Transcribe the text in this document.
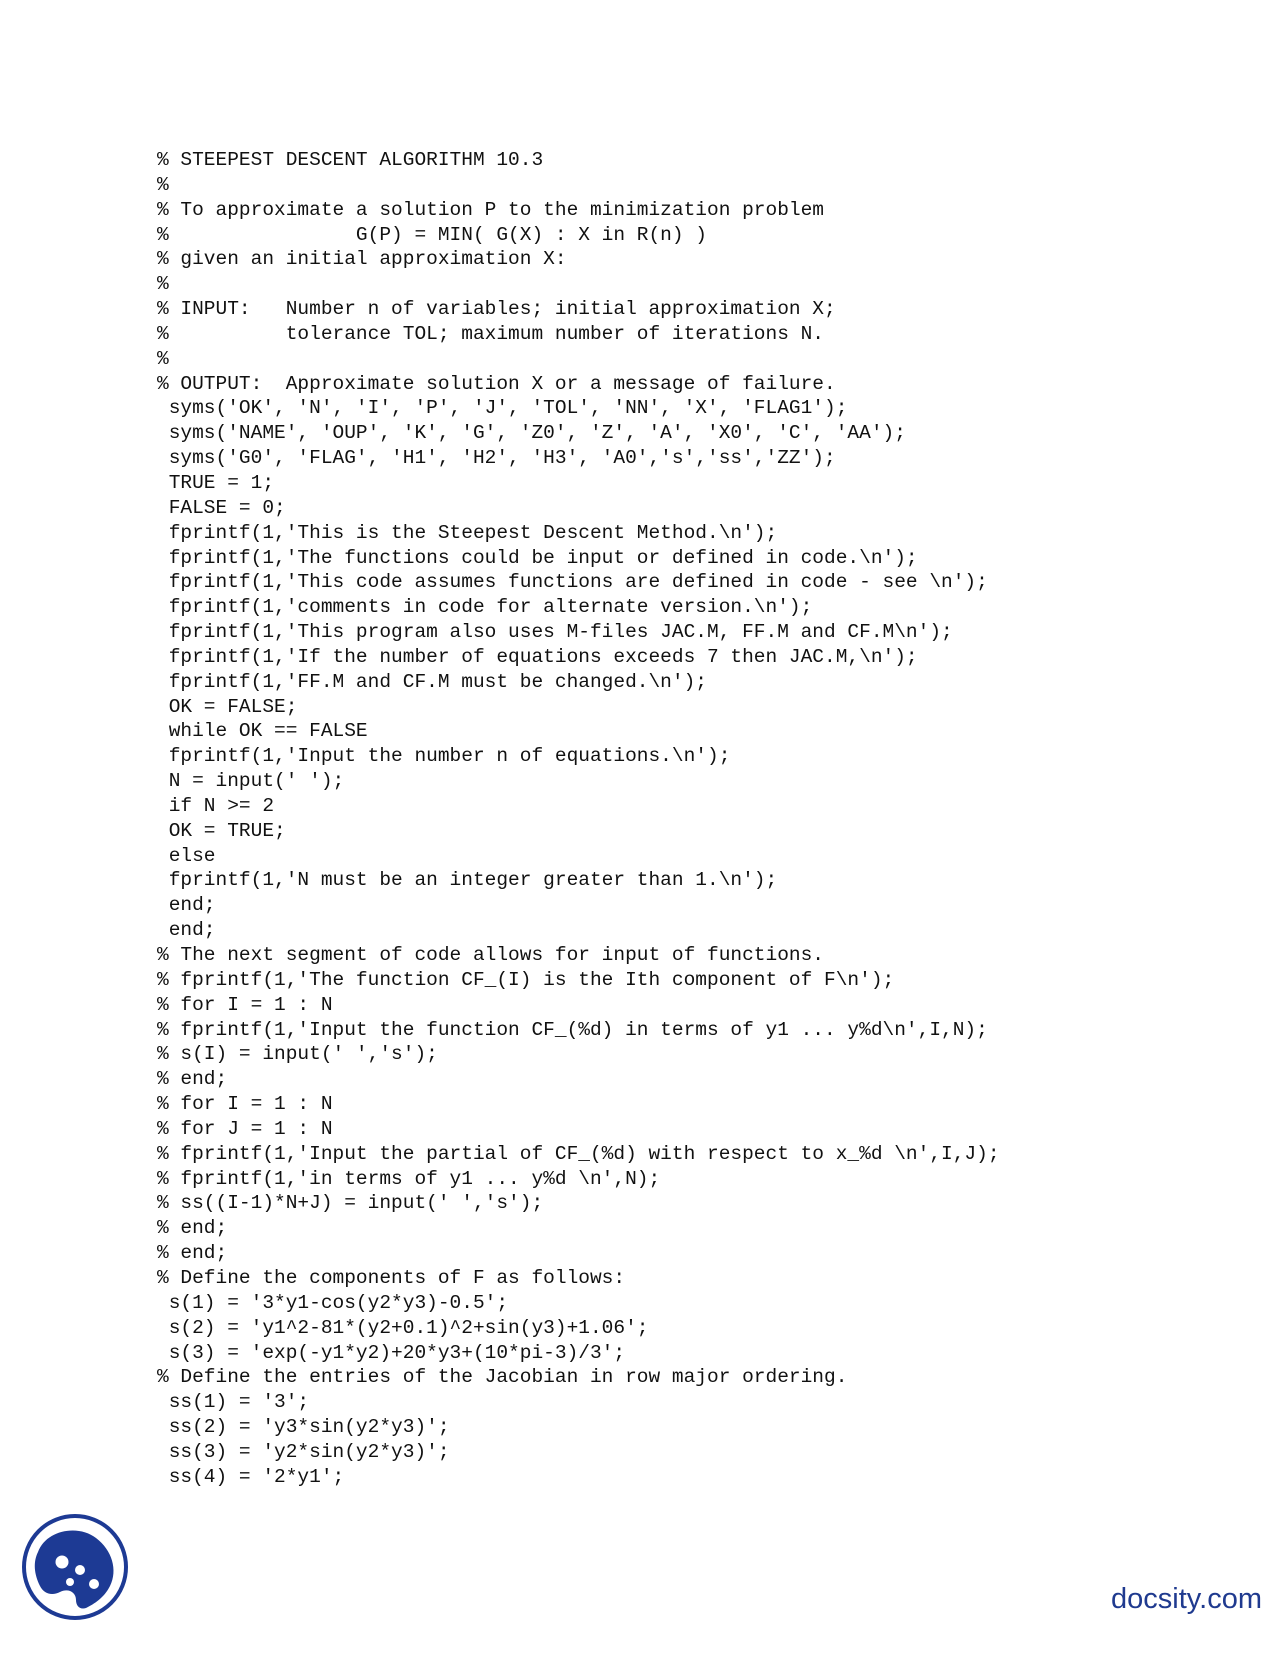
% STEEPEST DESCENT ALGORITHM 10.3
%
% To approximate a solution P to the minimization problem
%                G(P) = MIN( G(X) : X in R(n) )
% given an initial approximation X:
%
% INPUT:   Number n of variables; initial approximation X;
%          tolerance TOL; maximum number of iterations N.
%
% OUTPUT:  Approximate solution X or a message of failure.
syms('OK', 'N', 'I', 'P', 'J', 'TOL', 'NN', 'X', 'FLAG1');
syms('NAME', 'OUP', 'K', 'G', 'Z0', 'Z', 'A', 'X0', 'C', 'AA');
syms('G0', 'FLAG', 'H1', 'H2', 'H3', 'A0','s','ss','ZZ');
TRUE = 1;
FALSE = 0;
fprintf(1,'This is the Steepest Descent Method.\n');
fprintf(1,'The functions could be input or defined in code.\n');
fprintf(1,'This code assumes functions are defined in code - see \n');
fprintf(1,'comments in code for alternate version.\n');
fprintf(1,'This program also uses M-files JAC.M, FF.M and CF.M\n');
fprintf(1,'If the number of equations exceeds 7 then JAC.M,\n');
fprintf(1,'FF.M and CF.M must be changed.\n');
OK = FALSE;
while OK == FALSE
fprintf(1,'Input the number n of equations.\n');
N = input(' ');
if N >= 2
OK = TRUE;
else
fprintf(1,'N must be an integer greater than 1.\n');
end;
end;
% The next segment of code allows for input of functions.
% fprintf(1,'The function CF_(I) is the Ith component of F\n');
% for I = 1 : N
% fprintf(1,'Input the function CF_(%d) in terms of y1 ... y%d\n',I,N);
% s(I) = input(' ','s');
% end;
% for I = 1 : N
% for J = 1 : N
% fprintf(1,'Input the partial of CF_(%d) with respect to x_%d \n',I,J);
% fprintf(1,'in terms of y1 ... y%d \n',N);
% ss((I-1)*N+J) = input(' ','s');
% end;
% end;
% Define the components of F as follows:
s(1) = '3*y1-cos(y2*y3)-0.5';
s(2) = 'y1^2-81*(y2+0.1)^2+sin(y3)+1.06';
s(3) = 'exp(-y1*y2)+20*y3+(10*pi-3)/3';
% Define the entries of the Jacobian in row major ordering.
ss(1) = '3';
ss(2) = 'y3*sin(y2*y3)';
ss(3) = 'y2*sin(y2*y3)';
ss(4) = '2*y1';
docsity.com
